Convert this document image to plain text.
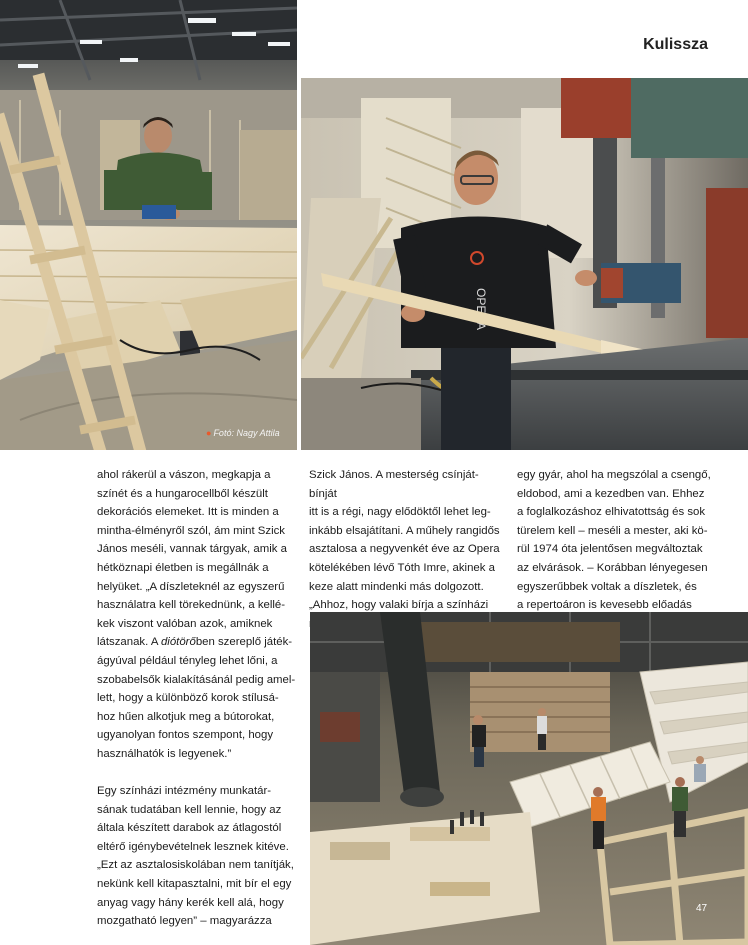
Kulissza
● Fotó: Nagy Attila
OPERA

ahol rákerül a vászon, megkapja a
színét és a hungarocellből készült
dekorációs elemeket. Itt is minden a
mintha-élményről szól, ám mint Szick
János meséli, vannak tárgyak, amik a
hétköznapi életben is megállnák a
helyüket. „A díszleteknél az egyszerű
használatra kell törekednünk, a kellé-
kek viszont valóban azok, amiknek
látszanak. A diótörőben szereplő játék-
ágyúval például tényleg lehet lőni, a
szobabelsők kialakításánál pedig amel-
lett, hogy a különböző korok stílusá-
hoz hűen alkotjuk meg a bútorokat,
ugyanolyan fontos szempont, hogy
használhatók is legyenek.”

Egy színházi intézmény munkatár-
sának tudatában kell lennie, hogy az
általa készített darabok az átlagostól
eltérő igénybevételnek lesznek kitéve.
„Ezt az asztalosiskolában nem tanítják,
nekünk kell kitapasztalni, mit bír el egy
anyag vagy hány kerék kell alá, hogy
mozgatható legyen” – magyarázza

Szick János. A mesterség csínját-bínját
itt is a régi, nagy elődöktől lehet leg-
inkább elsajátítani. A műhely rangidős
asztalosa a negyvenkét éve az Opera
kötelékében lévő Tóth Imre, akinek a
keze alatt mindenki más dolgozott.
„Ahhoz, hogy valaki bírja a színházi

egy gyár, ahol ha megszólal a csengő,
eldobod, ami a kezedben van. Ehhez
a foglalkozáshoz elhivatottság és sok
türelem kell – meséli a mester, aki kö-
rül 1974 óta jelentősen megváltoztak
az elvárások. – Korábban lényegesen
egyszerűbbek voltak a díszletek, és
a repertoáron is kevesebb előadás

47
